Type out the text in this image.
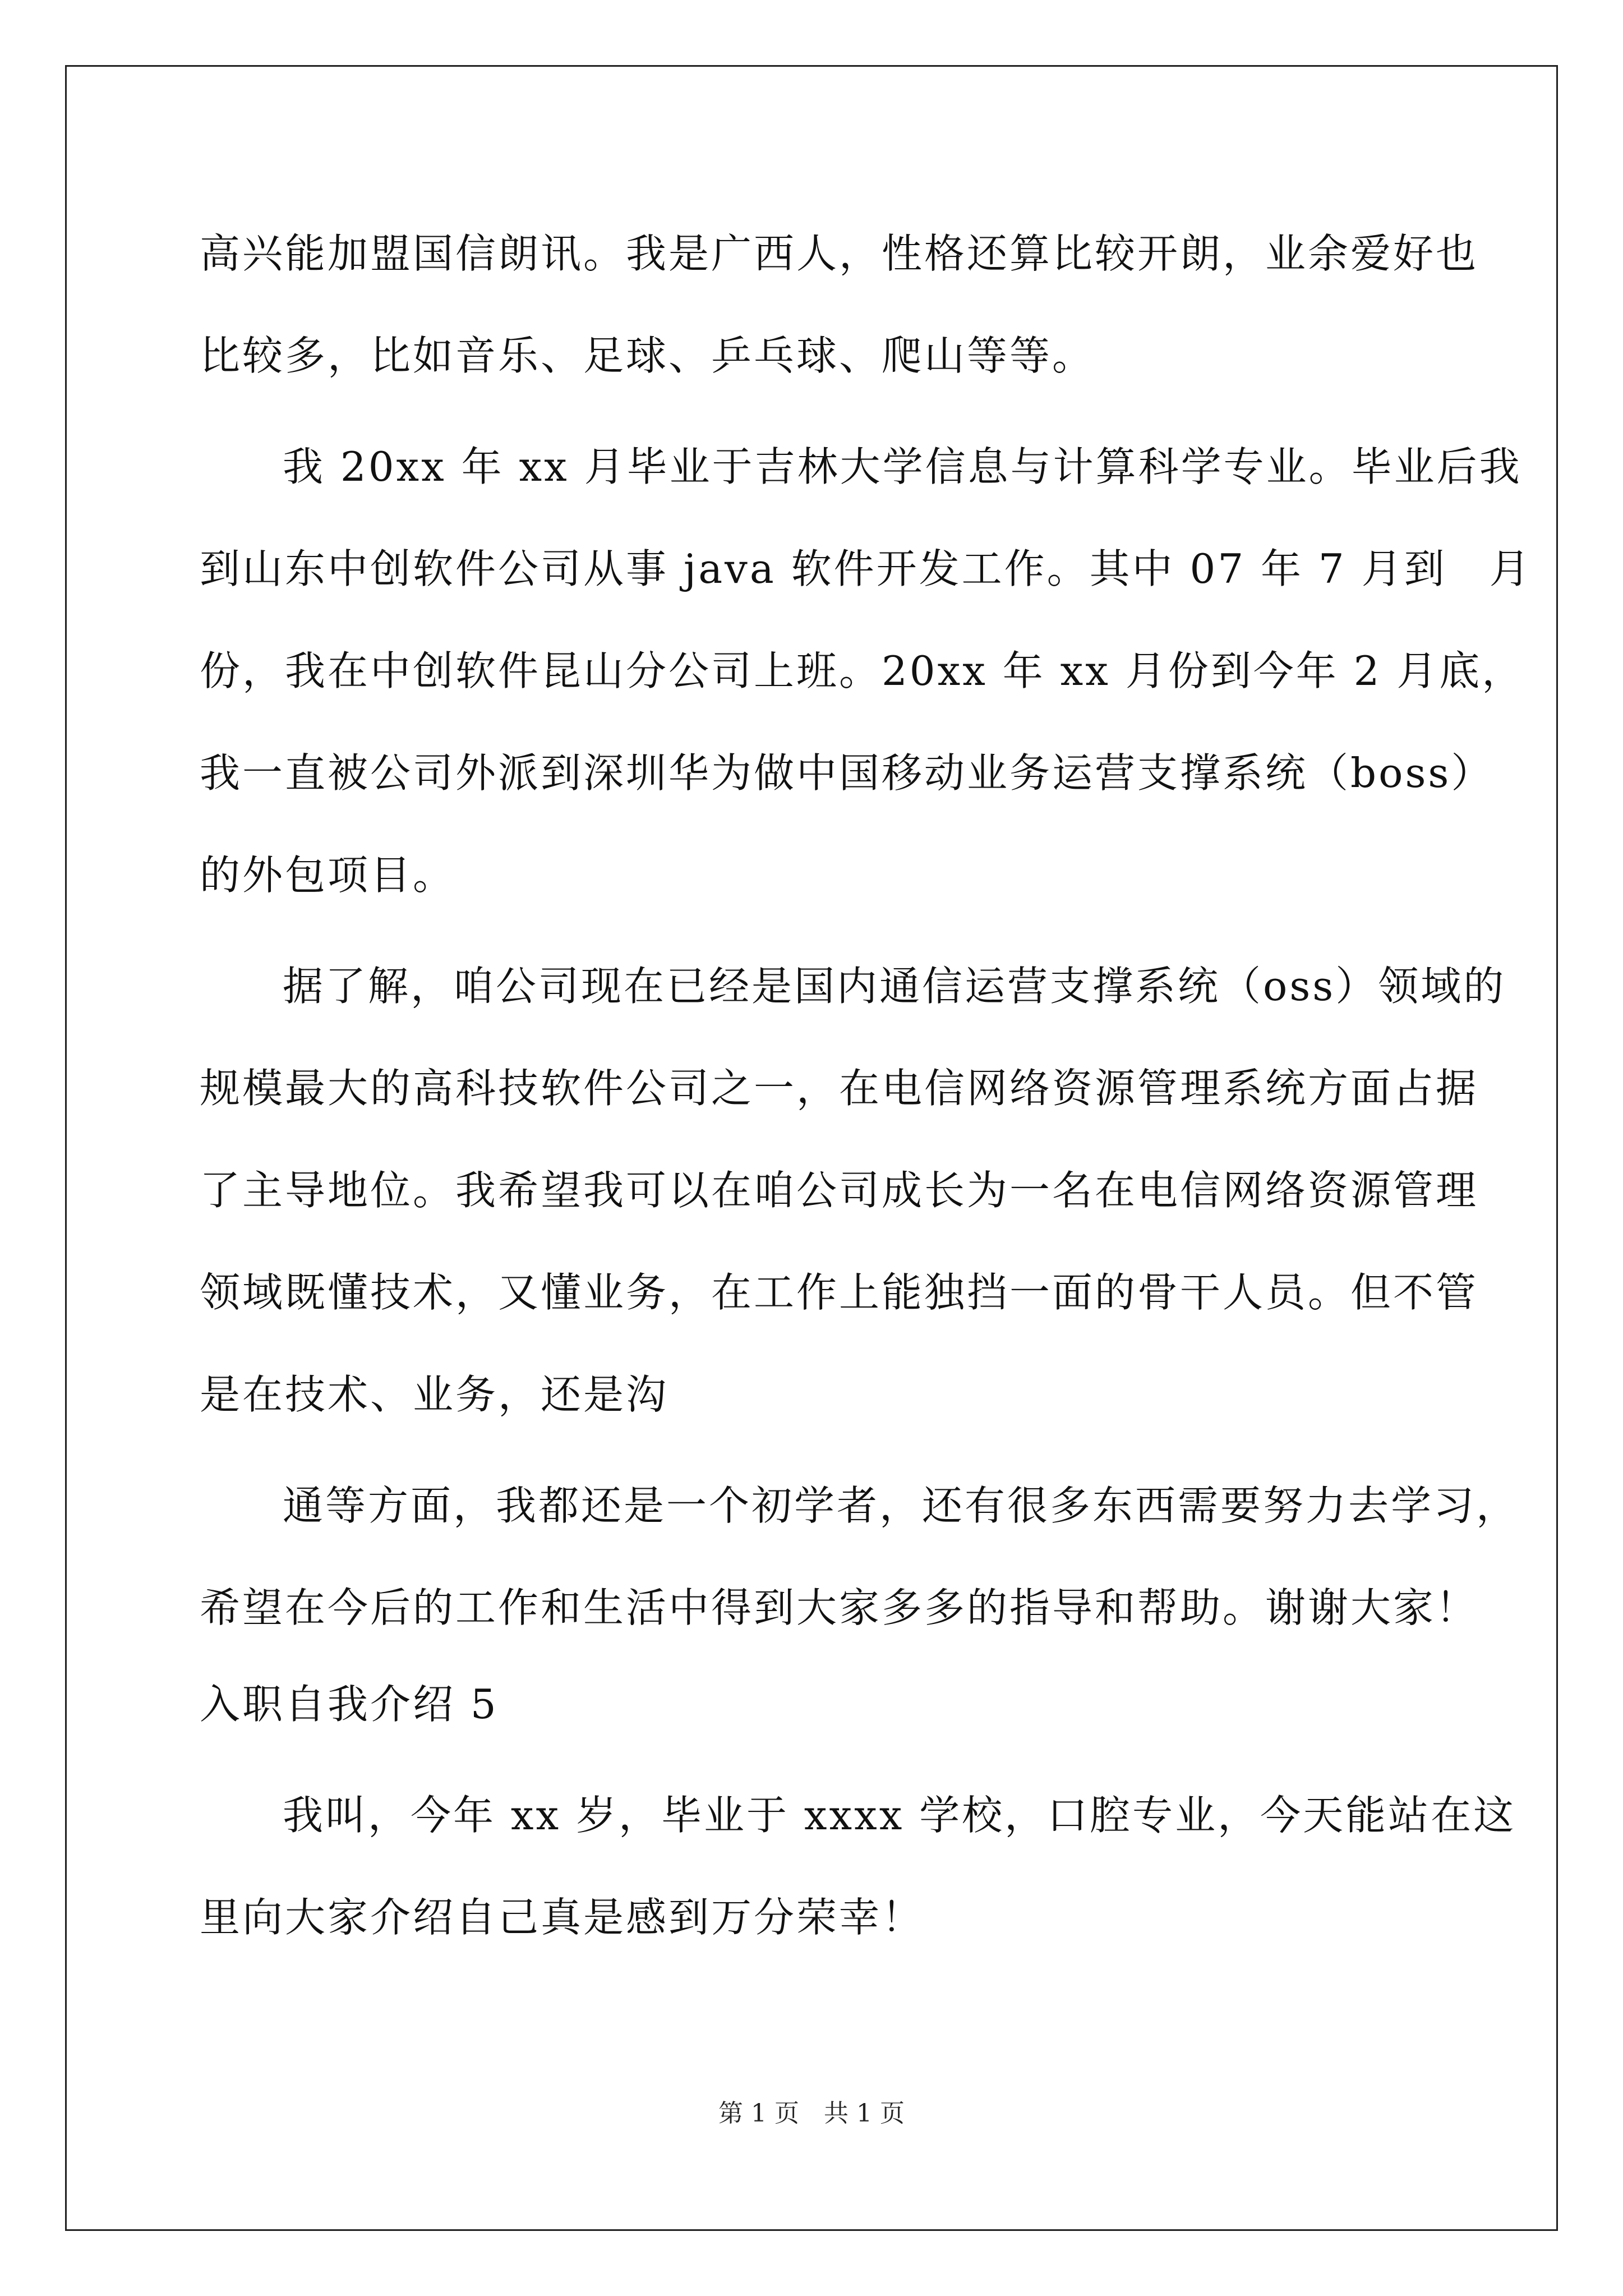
高兴能加盟国信朗讯。我是广西人，性格还算比较开朗，业余爱好也
比较多，比如音乐、足球、乒乓球、爬山等等。
我 20xx 年 xx 月毕业于吉林大学信息与计算科学专业。毕业后我
到山东中创软件公司从事 java 软件开发工作。其中 07 年 7 月到　月
份，我在中创软件昆山分公司上班。20xx 年 xx 月份到今年 2 月底，
我一直被公司外派到深圳华为做中国移动业务运营支撑系统（boss）
的外包项目。
据了解，咱公司现在已经是国内通信运营支撑系统（oss）领域的
规模最大的高科技软件公司之一，在电信网络资源管理系统方面占据
了主导地位。我希望我可以在咱公司成长为一名在电信网络资源管理
领域既懂技术，又懂业务，在工作上能独挡一面的骨干人员。但不管
是在技术、业务，还是沟
通等方面，我都还是一个初学者，还有很多东西需要努力去学习，
希望在今后的工作和生活中得到大家多多的指导和帮助。谢谢大家！
入职自我介绍 5
我叫，今年 xx 岁，毕业于 xxxx 学校，口腔专业，今天能站在这
里向大家介绍自己真是感到万分荣幸！
第 1 页　共 1 页
